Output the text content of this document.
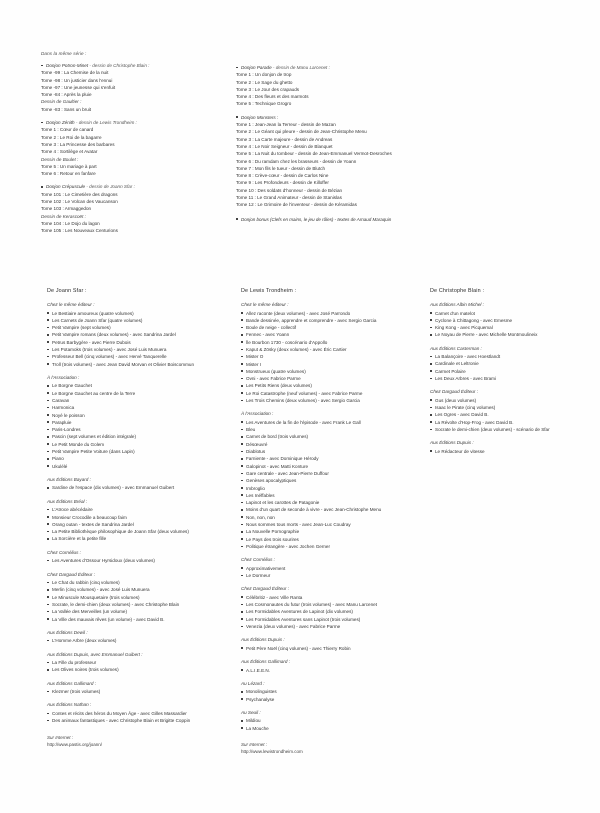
Dans la même série :
Donjon Potron-Minet - dessin de Christophe Blain :
Tome -99 : La Chemise de la nuit
Tome -98 : Un justicier dans l'ennui
Tome -97 : Une jeunesse qui s'enfuit
Tome -84 : Après la pluie
Dessin de Gaultier :
Tome -83 : Sans un bruit
Donjon Zénith - dessin de Lewis Trondheim :
Tome 1 : Cœur de canard
Tome 2 : Le Roi de la bagarre
Tome 3 : La Princesse des barbares
Tome 4 : Sortilège et Avatar
Dessin de Boulet :
Tome 5 : Un mariage à part
Tome 6 : Retour en fanfare
Donjon Crépuscule - dessin de Joann Sfar :
Tome 101 : Le Cimetière des dragons
Tome 102 : Le Volcan des Vaucanson
Tome 103 : Armaggedon
Dessin de Kerascoët :
Tome 104 : Le Dojo du lagon
Tome 105 : Les Nouveaux Centurions
Donjon Parade - dessin de Manu Larcenet :
Tome 1 : Un donjon de trop
Tome 2 : Le Sage du ghetto
Tome 3 : Le Jour des crapauds
Tome 4 : Des fleurs et des marmots
Tome 5 : Technique Grogro
Donjon Monsters :
Tome 1 : Jean-Jean la Terreur - dessin de Mazan
Tome 2 : Le Géant qui pleure - dessin de Jean-Christophe Menu
Tome 3 : La Carte majeure - dessin de Andreas
Tome 4 : Le Noir Seigneur - dessin de Blanquet
Tome 5 : La Nuit du tombeur - dessin de Jean-Emmanuel Vermot-Desroches
Tome 6 : Du ramdam chez les brasseurs - dessin de Yoann
Tome 7 : Mon fils le tueur - dessin de Blutch
Tome 8 : Crève-cœur - dessin de Carlos Nine
Tome 9 : Les Profondeurs - dessin de Killoffer
Tome 10 : Des soldats d'honneur - dessin de Bézian
Tome 11 : Le Grand Animateur - dessin de Stanislas
Tome 12 : Le Grimoire de l'inventeur - dessin de Kéramidas
Donjon bonus (Clefs en mains, le jeu de rôles) - textes de Arnaud Maraquin
De Joann Sfar :
Chez le même éditeur :
Le Bestiaire amoureux (quatre volumes)
Les Carnets de Joann Sfar (quatre volumes)
Petit Vampire (sept volumes)
Petit Vampire romans (deux volumes) - avec Sandrina Jardel
Petrus Barbygère - avec Pierre Dubois
Les Potamoks (trois volumes) - avec José Luis Munuera
Professeur Bell (cinq volumes) - avec Hervé Tanquerelle
Troll (trois volumes) - avec Jean David Morvan et Olivier Boiscommun
À l'Association :
Le Borgne Gauchet
Le Borgne Gauchet au centre de la Terre
Caravan
Harmonica
Noyé le poisson
Parapluie
Paris-Londres
Pascin (sept volumes et édition intégrale)
Le Petit Monde du Golem
Petit Vampire Petite Voiture (dans Lapin)
Piano
Ukulélé
Aux Éditions Bayard :
Sardine de l'espace (dix volumes) - avec Emmanuel Guibert
Aux Éditions Bréal :
L'Atroce abécédaire
Monsieur Crocodile a beaucoup faim
Orang outan - textes de Sandrina Jardel
La Petite Bibliothèque philosophique de Joann Sfar (deux volumes)
La Sorcière et la petite fille
Chez Cornélius :
Les Aventures d'Ossour Hyrsidoux (deux volumes)
Chez Dargaud Éditeur :
Le Chat du rabbin (cinq volumes)
Merlin (cinq volumes) - avec José Luis Munuera
Le Minuscule Mousquetaire (trois volumes)
Socrate, le demi-chien (deux volumes) - avec Christophe Blain
La Vallée des Merveilles (un volume)
La Ville des mauvais rêves (un volume) - avec David B.
Aux Éditions Dewil :
L'Homme Arbre (deux volumes)
Aux Éditions Dupuis, avec Emmanuel Guibert :
La Fille du professeur
Les Olives noires (trois volumes)
Aux Éditions Gallimard :
Klezmer (trois volumes)
Aux Éditions Nathan :
Contes et récits des héros du Moyen Âge - avec Gilles Massardier
Des animaux fantastiques - avec Christophe Blain et Brigitte Coppin
Sur Internet :
http://www.pastis.org/joann/
De Lewis Trondheim :
Chez le même éditeur :
Allez raconte (deux volumes) - avec José Parrondo
Bande dessinée, apprendre et comprendre - avec Sergio Garcia
Boule de neige - collectif
Fennec - avec Yoann
Île Bourbon 1730 - coscénario d'Appollo
Kaput & Zösky (deux volumes) - avec Éric Cartier
Mister O
Mister I
Monstrueux (quatre volumes)
Ovni - avec Fabrice Parme
Les Petits Riens (deux volumes)
Le Roi Catastrophe (neuf volumes) - avec Fabrice Parme
Les Trois Chemins (deux volumes) - avec Sergio Garcia
À l'Association :
Les Aventures de la fin de l'épisode - avec Frank Le Gall
Bleu
Carnet de bord (trois volumes)
Désœuvré
Diablotus
Farniente - avec Dominique Hérody
Galopinot - avec Matti Konture
Gare centrale - avec Jean-Pierre Duffour
Genèses apocalyptiques
Imbroglio
Les Inéffables
Lapinot et les carottes de Patagonie
Moins d'un quart de seconde à vivre - avec Jean-Christophe Menu
Non, non, non
Nous sommes tous morts - avec Jean-Luc Coudray
La Nouvelle Pornographie
Le Pays des trois sourires
Politique étrangère - avec Jochen Gerner
Chez Cornélius :
Approximativement
Le Dormeur
Chez Dargaud Éditeur :
Célébritiz - avec Ville Ranta
Les Cosmonautes du futur (trois volumes) - avec Manu Larcenet
Les Formidables Aventures de Lapinot (dix volumes)
Les Formidables Aventures sans Lapinot (trois volumes)
Venezia (deux volumes) - avec Fabrice Parme
Aux Éditions Dupuis :
Petit Père Noël (cinq volumes) - avec Thierry Robin
Aux Éditions Gallimard :
A.L.I.E.E.N.
Au Lézard :
Monolinguistes
Psychanalyse
Au Seuil :
Mildiou
La Mouche
Sur Internet :
http://www.lewistrondheim.com
De Christophe Blain :
Aux Éditions Albin Michel :
Carnet d'un matelot
Cyclone à Chittagong - avec Emesme
King Kong - avec Picquemal
Le Noyau de Pierre - avec Michelle Montmoulineix
Aux Éditions Casterman :
La Balançoire - avec Hoestlandt
Cardinale et Leltronie
Carmet Polaire
Les Deux Arbres - avec Brami
Chez Dargaud Éditeur :
Gus (deux volumes)
Isaac le Pirate (cinq volumes)
Les Ogres - avec David B.
La Révolte d'Hop-Frog - avec David B.
Socrate le demi-chien (deux volumes) - scénario de Sfar
Aux Éditions Dupuis :
Le Rédacteur de vitesse
